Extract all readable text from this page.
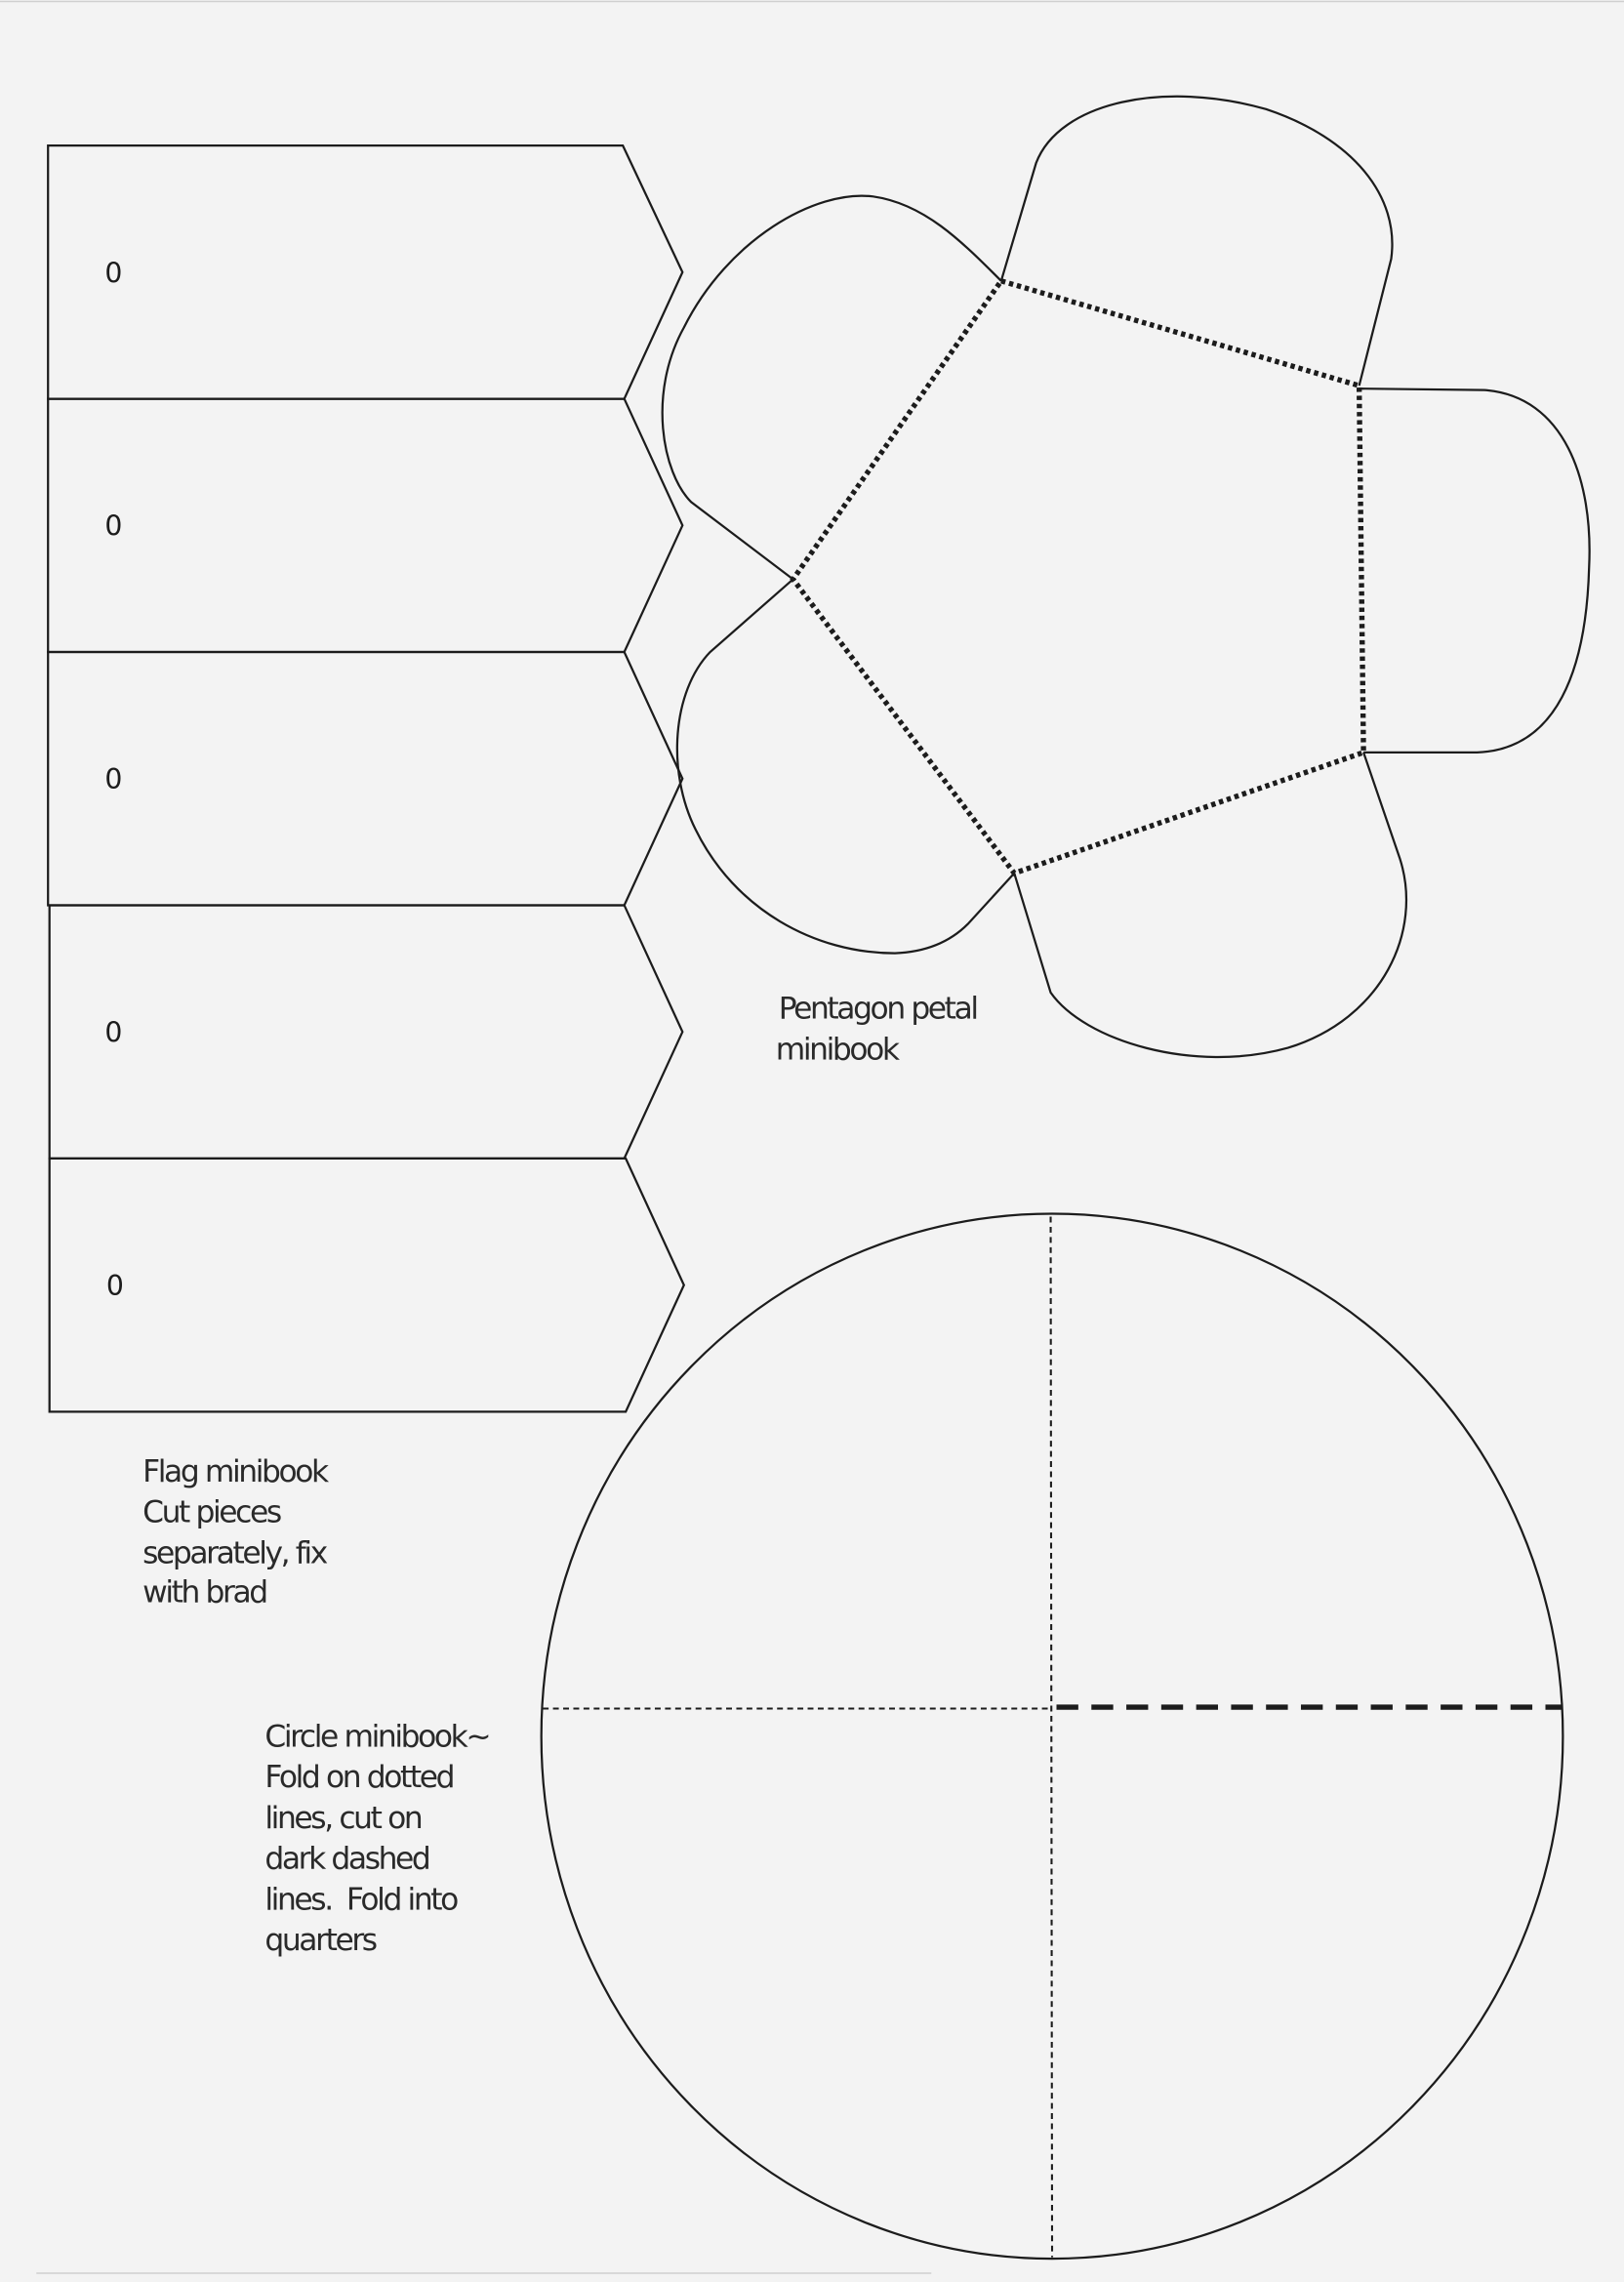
0
0
0
0
0
Flag minibook
Cut pieces
separately, fix
with brad
Pentagon petal
minibook
Circle minibook~
Fold on dotted
lines, cut on
dark dashed
lines.  Fold into
quarters
